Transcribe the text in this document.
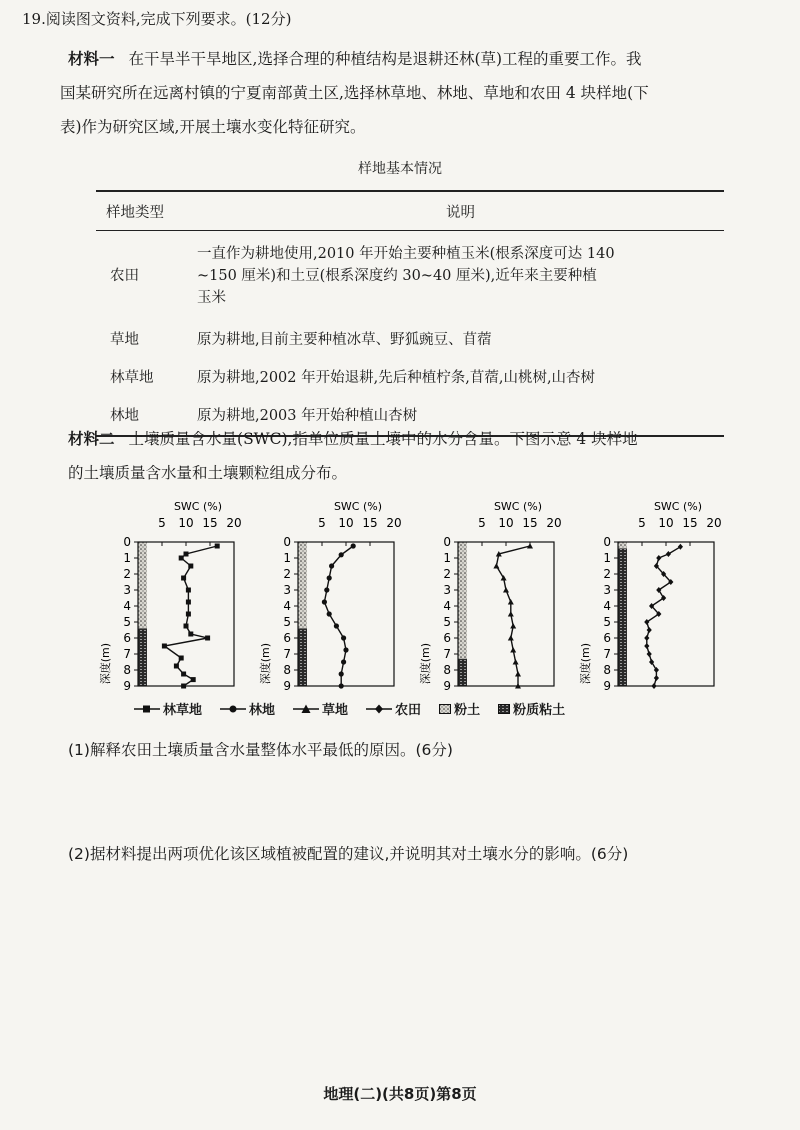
19.阅读图文资料,完成下列要求。(12分)
材料一 在干旱半干旱地区,选择合理的种植结构是退耕还林(草)工程的重要工作。我
国某研究所在远离村镇的宁夏南部黄土区,选择林草地、林地、草地和农田 4 块样地(下
表)作为研究区域,开展土壤水变化特征研究。
样地基本情况
样地类型	说明
农田	一直作为耕地使用,2010 年开始主要种植玉米(根系深度可达 140
~150 厘米)和土豆(根系深度约 30~40 厘米),近年来主要种植
玉米

草地	原为耕地,目前主要种植冰草、野狐豌豆、苜蓿
林草地	原为耕地,2002 年开始退耕,先后种植柠条,苜蓿,山桃树,山杏树
林地	原为耕地,2003 年开始种植山杏树
材料二 土壤质量含水量(SWC),指单位质量土壤中的水分含量。下图示意 4 块样地
的土壤质量含水量和土壤颗粒组成分布。
SWC (%)
5 10 15 20
0
1
2
3
4
5
6
7
8
9
深度(m)
SWC (%)
5 10 15 20
0
1
2
3
4
5
6
7
8
9
深度(m)
SWC (%)
5 10 15 20
0
1
2
3
4
5
6
7
8
9
深度(m)
SWC (%)
5 10 15 20
0
1
2
3
4
5
6
7
8
9
深度(m)
林草地	林地	草地	农田	粉土	粉质粘土
(1)解释农田土壤质量含水量整体水平最低的原因。(6分)
(2)据材料提出两项优化该区域植被配置的建议,并说明其对土壤水分的影响。(6分)
地理(二)(共8页)第8页
